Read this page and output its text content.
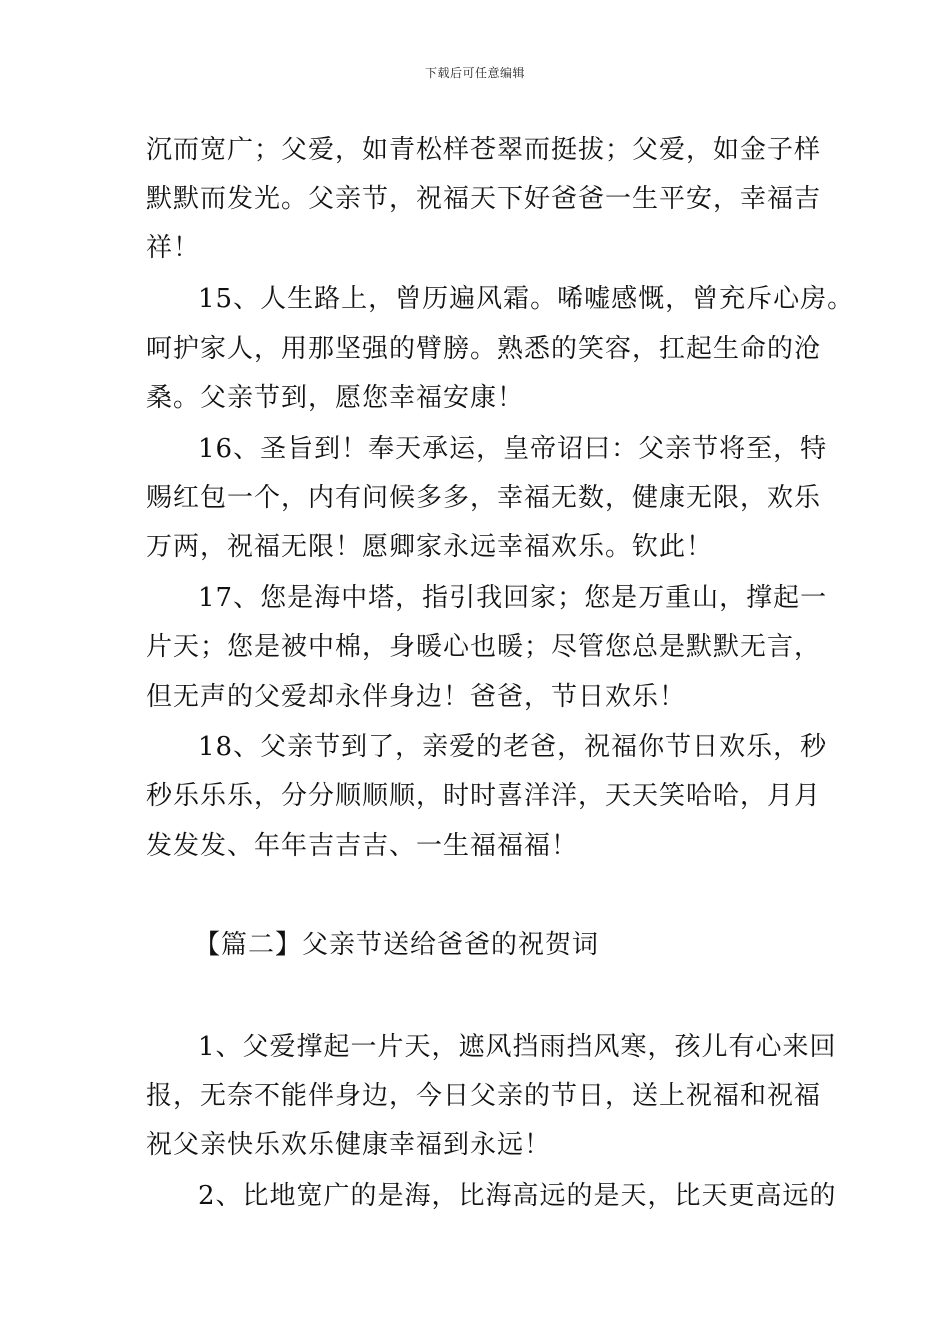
下载后可任意编辑
沉而宽广；父爱，如青松样苍翠而挺拔；父爱，如金子样
默默而发光。父亲节，祝福天下好爸爸一生平安，幸福吉
祥！
15、人生路上，曾历遍风霜。唏嘘感慨，曾充斥心房。
呵护家人，用那坚强的臂膀。熟悉的笑容，扛起生命的沧
桑。父亲节到，愿您幸福安康！
16、圣旨到！奉天承运，皇帝诏曰：父亲节将至，特
赐红包一个，内有问候多多，幸福无数，健康无限，欢乐
万两，祝福无限！愿卿家永远幸福欢乐。钦此！
17、您是海中塔，指引我回家；您是万重山，撑起一
片天；您是被中棉，身暖心也暖；尽管您总是默默无言，
但无声的父爱却永伴身边！爸爸，节日欢乐！
18、父亲节到了，亲爱的老爸，祝福你节日欢乐，秒
秒乐乐乐，分分顺顺顺，时时喜洋洋，天天笑哈哈，月月
发发发、年年吉吉吉、一生福福福！
【篇二】父亲节送给爸爸的祝贺词
1、父爱撑起一片天，遮风挡雨挡风寒，孩儿有心来回
报，无奈不能伴身边，今日父亲的节日，送上祝福和祝福
祝父亲快乐欢乐健康幸福到永远！
2、比地宽广的是海，比海高远的是天，比天更高远的
